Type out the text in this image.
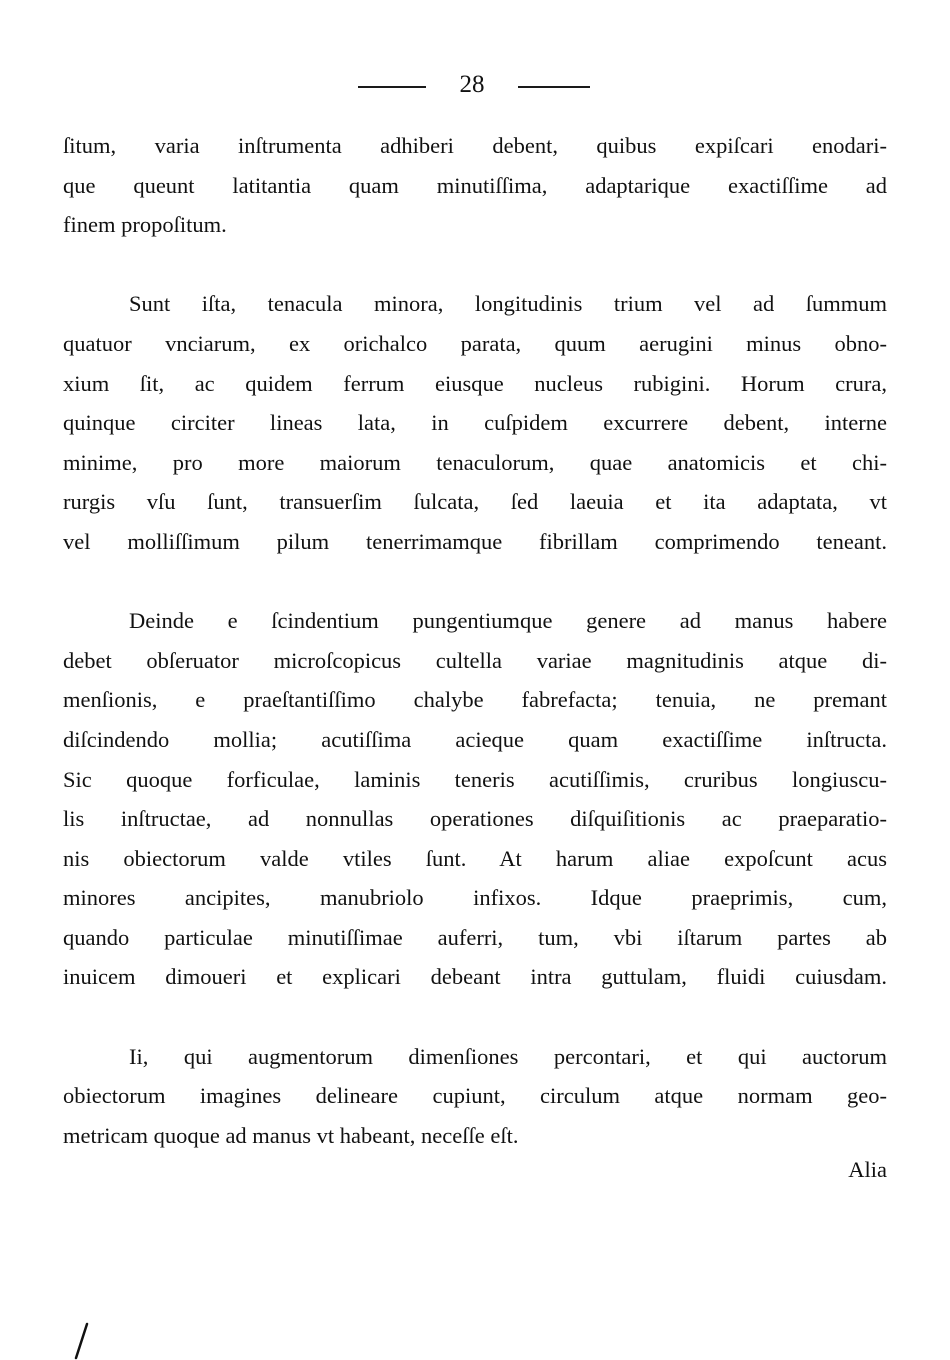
28
ſitum, varia inſtrumenta adhiberi debent, quibus expiſcari enodari-
que queunt latitantia quam minutiſſima, adaptarique exactiſſime ad
finem propoſitum.
Sunt iſta, tenacula minora, longitudinis trium vel ad ſummum
quatuor vnciarum, ex orichalco parata, quum aerugini minus obno-
xium ſit, ac quidem ferrum eiusque nucleus rubigini. Horum crura,
quinque circiter lineas lata, in cuſpidem excurrere debent, interne
minime, pro more maiorum tenaculorum, quae anatomicis et chi-
rurgis vſu ſunt, transuerſim ſulcata, ſed laeuia et ita adaptata, vt
vel molliſſimum pilum tenerrimamque fibrillam comprimendo teneant.
Deinde e ſcindentium pungentiumque genere ad manus habere
debet obſeruator microſcopicus cultella variae magnitudinis atque di-
menſionis, e praeſtantiſſimo chalybe fabrefacta; tenuia, ne premant
diſcindendo mollia; acutiſſima acieque quam exactiſſime inſtructa.
Sic quoque forficulae, laminis teneris acutiſſimis, cruribus longiuscu-
lis inſtructae, ad nonnullas operationes diſquiſitionis ac praeparatio-
nis obiectorum valde vtiles ſunt. At harum aliae expoſcunt acus
minores ancipites, manubriolo infixos. Idque praeprimis, cum,
quando particulae minutiſſimae auferri, tum, vbi iſtarum partes ab
inuicem dimoueri et explicari debeant intra guttulam, fluidi cuiusdam.
Ii, qui augmentorum dimenſiones percontari, et qui auctorum
obiectorum imagines delineare cupiunt, circulum atque normam geo-
metricam quoque ad manus vt habeant, neceſſe eſt.
Alia
